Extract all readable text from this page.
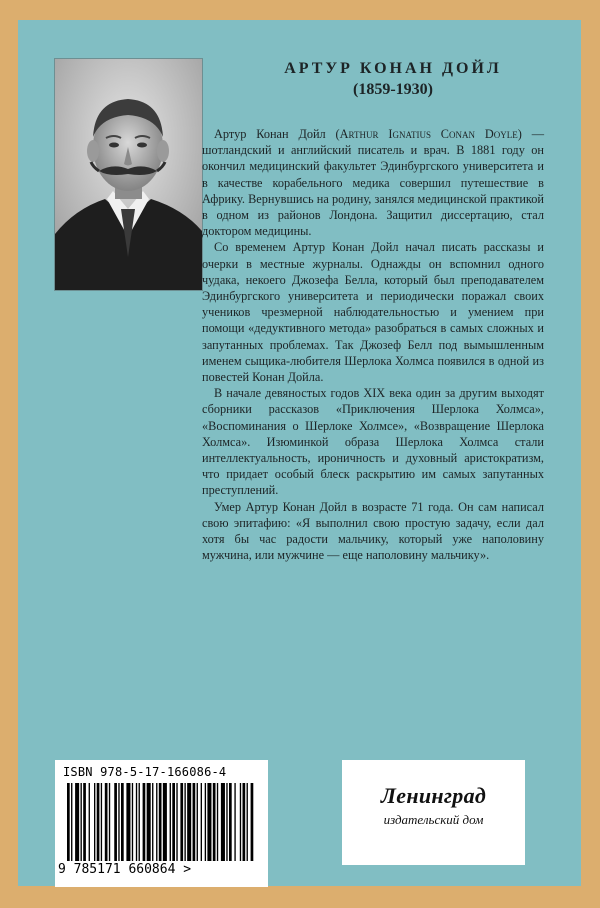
АРТУР КОНАН ДОЙЛ
(1859-1930)

Артур Конан Дойл (Arthur Ignatius Conan Doyle) — шотландский и английский писатель и врач. В 1881 году он окончил медицинский факультет Эдинбургского университета и в качестве корабельного медика совершил путешествие в Африку. Вернувшись на родину, занялся медицинской практикой в одном из районов Лондона. Защитил диссертацию, стал доктором медицины.

Со временем Артур Конан Дойл начал писать рассказы и очерки в местные журналы. Однажды он вспомнил одного чудака, некоего Джозефа Белла, который был преподавателем Эдинбургского университета и периодически поражал своих учеников чрезмерной наблюдательностью и умением при помощи «дедуктивного метода» разобраться в самых сложных и запутанных проблемах. Так Джозеф Белл под вымышленным именем сыщика-любителя Шерлока Холмса появился в одной из повестей Конан Дойла.

В начале девяностых годов XIX века один за другим выходят сборники рассказов «Приключения Шерлока Холмса», «Воспоминания о Шерлоке Холмсе», «Возвращение Шерлока Холмса». Изюминкой образа Шерлока Холмса стали интеллектуальность, ироничность и духовный аристократизм, что придает особый блеск раскрытию им самых запутанных преступлений.

Умер Артур Конан Дойл в возрасте 71 года. Он сам написал свою эпитафию: «Я выполнил свою простую задачу, если дал хотя бы час радости мальчику, который уже наполовину мужчина, или мужчине — еще наполовину мальчику».

ISBN 978-5-17-166086-4
9 785171 660864 >
Ленинград
издательский дом
